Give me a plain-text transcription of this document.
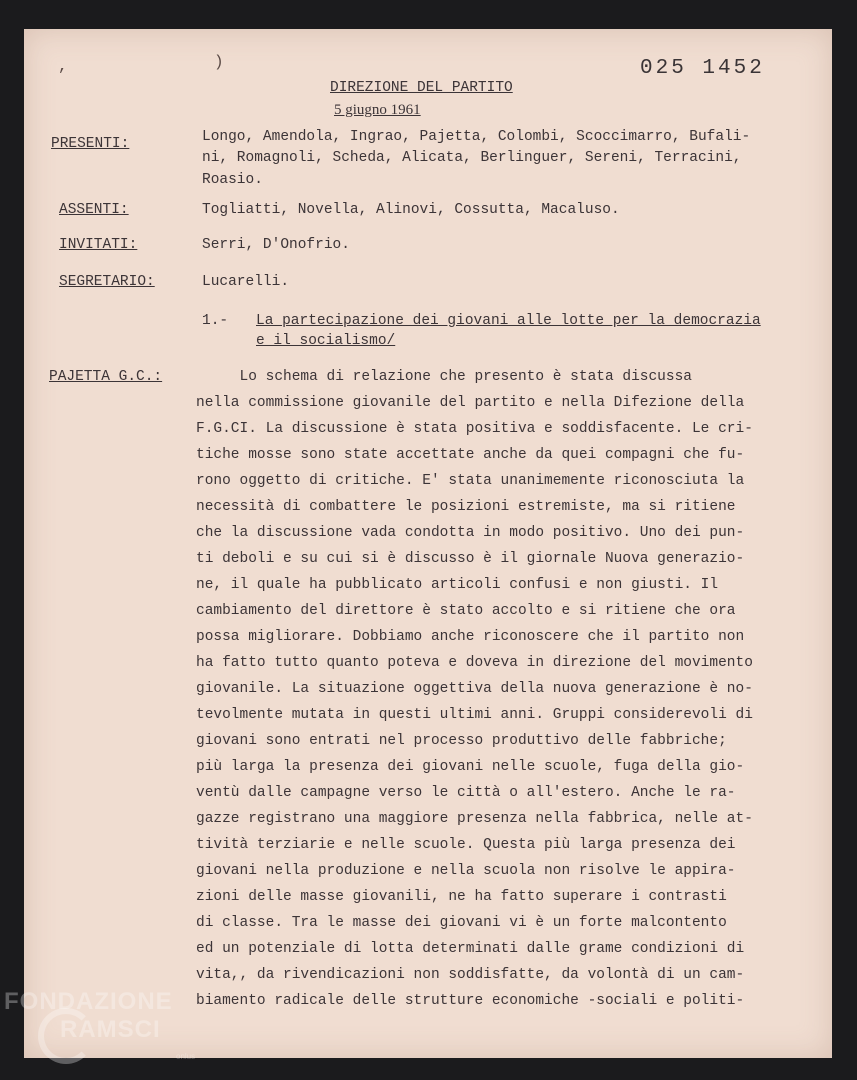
,	)	025 1452
DIREZIONE DEL PARTITO
5 giugno 1961
PRESENTI:	Longo, Amendola, Ingrao, Pajetta, Colombi, Scoccimarro, Bufali-
ni, Romagnoli, Scheda, Alicata, Berlinguer, Sereni, Terracini,
Roasio.
ASSENTI:	Togliatti, Novella, Alinovi, Cossutta, Macaluso.
INVITATI:	Serri, D'Onofrio.
SEGRETARIO:	Lucarelli.
1.- La partecipazione dei giovani alle lotte per la democrazia
e il socialismo/
PAJETTA G.C.: Lo schema di relazione che presento è stata discussa
nella commissione giovanile del partito e nella Difezione della
F.G.CI. La discussione è stata positiva e soddisfacente. Le cri-
tiche mosse sono state accettate anche da quei compagni che fu-
rono oggetto di critiche. E' stata unanimemente riconosciuta la
necessità di combattere le posizioni estremiste, ma si ritiene
che la discussione vada condotta in modo positivo. Uno dei pun-
ti deboli e su cui si è discusso è il giornale Nuova generazio-
ne, il quale ha pubblicato articoli confusi e non giusti. Il
cambiamento del direttore è stato accolto e si ritiene che ora
possa migliorare. Dobbiamo anche riconoscere che il partito non
ha fatto tutto quanto poteva e doveva in direzione del movimento
giovanile. La situazione oggettiva della nuova generazione è no-
tevolmente mutata in questi ultimi anni. Gruppi considerevoli di
giovani sono entrati nel processo produttivo delle fabbriche;
più larga la presenza dei giovani nelle scuole, fuga della gio-
ventù dalle campagne verso le città o all'estero. Anche le ra-
gazze registrano una maggiore presenza nella fabbrica, nelle at-
tività terziarie e nelle scuole. Questa più larga presenza dei
giovani nella produzione e nella scuola non risolve le appira-
zioni delle masse giovanili, ne ha fatto superare i contrasti
di classe. Tra le masse dei giovani vi è un forte malcontento
ed un potenziale di lotta determinati dalle grame condizioni di
vita,, da rivendicazioni non soddisfatte, da volontà di un cam-
biamento radicale delle strutture economiche -sociali e politi-
FONDAZIONE
RAMSCI
onlus
